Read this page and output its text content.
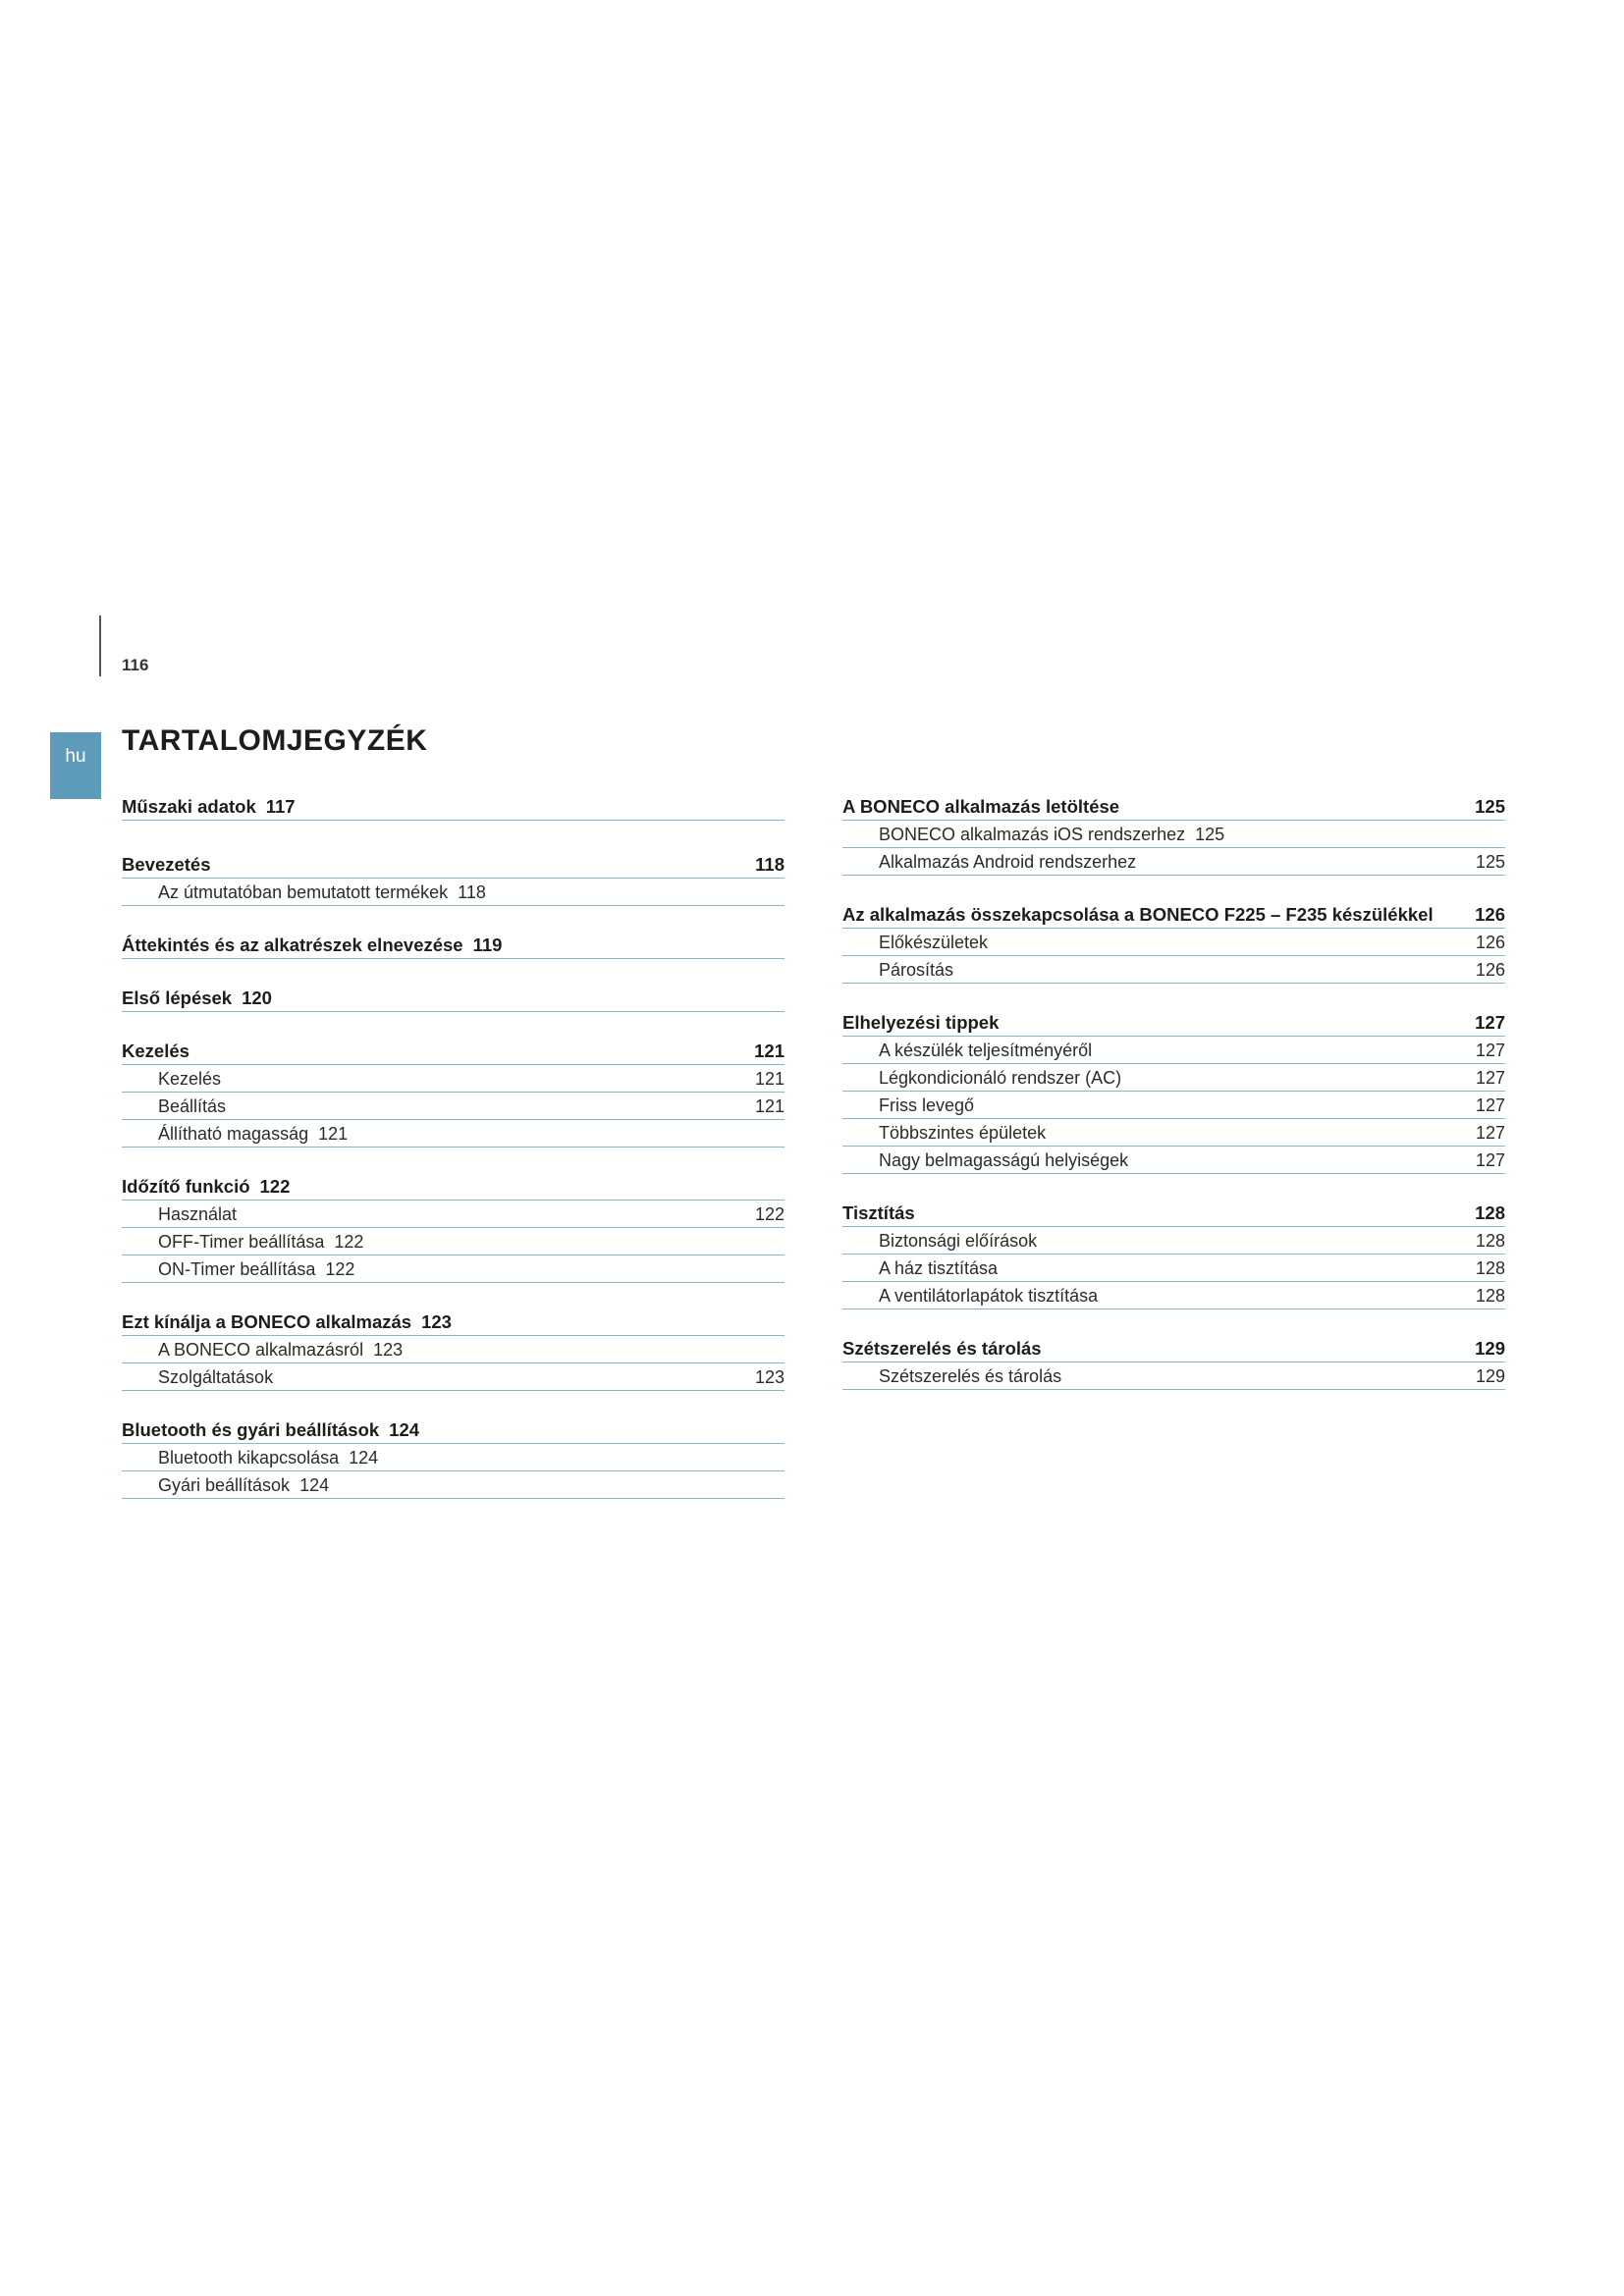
116
hu	TARTALOMJEGYZÉK
Műszaki adatok 117
Bevezetés	118
Az útmutatóban bemutatott termékek 118
Áttekintés és az alkatrészek elnevezése 119
Első lépések 120
Kezelés	121
Kezelés	121
Beállítás	121
Állítható magasság 121
Időzítő funkció 122
Használat	122
OFF-Timer beállítása 122
ON-Timer beállítása 122
Ezt kínálja a BONECO alkalmazás 123
A BONECO alkalmazásról 123
Szolgáltatások	123
Bluetooth és gyári beállítások 124
Bluetooth kikapcsolása 124
Gyári beállítások 124
A BONECO alkalmazás letöltése	125
BONECO alkalmazás iOS rendszerhez 125
Alkalmazás Android rendszerhez	125
Az alkalmazás összekapcsolása a BONECO F225 – F235 készülékkel 126
Előkészületek	126
Párosítás	126
Elhelyezési tippek	127
A készülék teljesítményéről	127
Légkondicionáló rendszer (AC)	127
Friss levegő	127
Többszintes épületek	127
Nagy belmagasságú helyiségek	127
Tisztítás	128
Biztonsági előírások	128
A ház tisztítása	128
A ventilátorlapátok tisztítása	128
Szétszerelés és tárolás	129
Szétszerelés és tárolás	129
